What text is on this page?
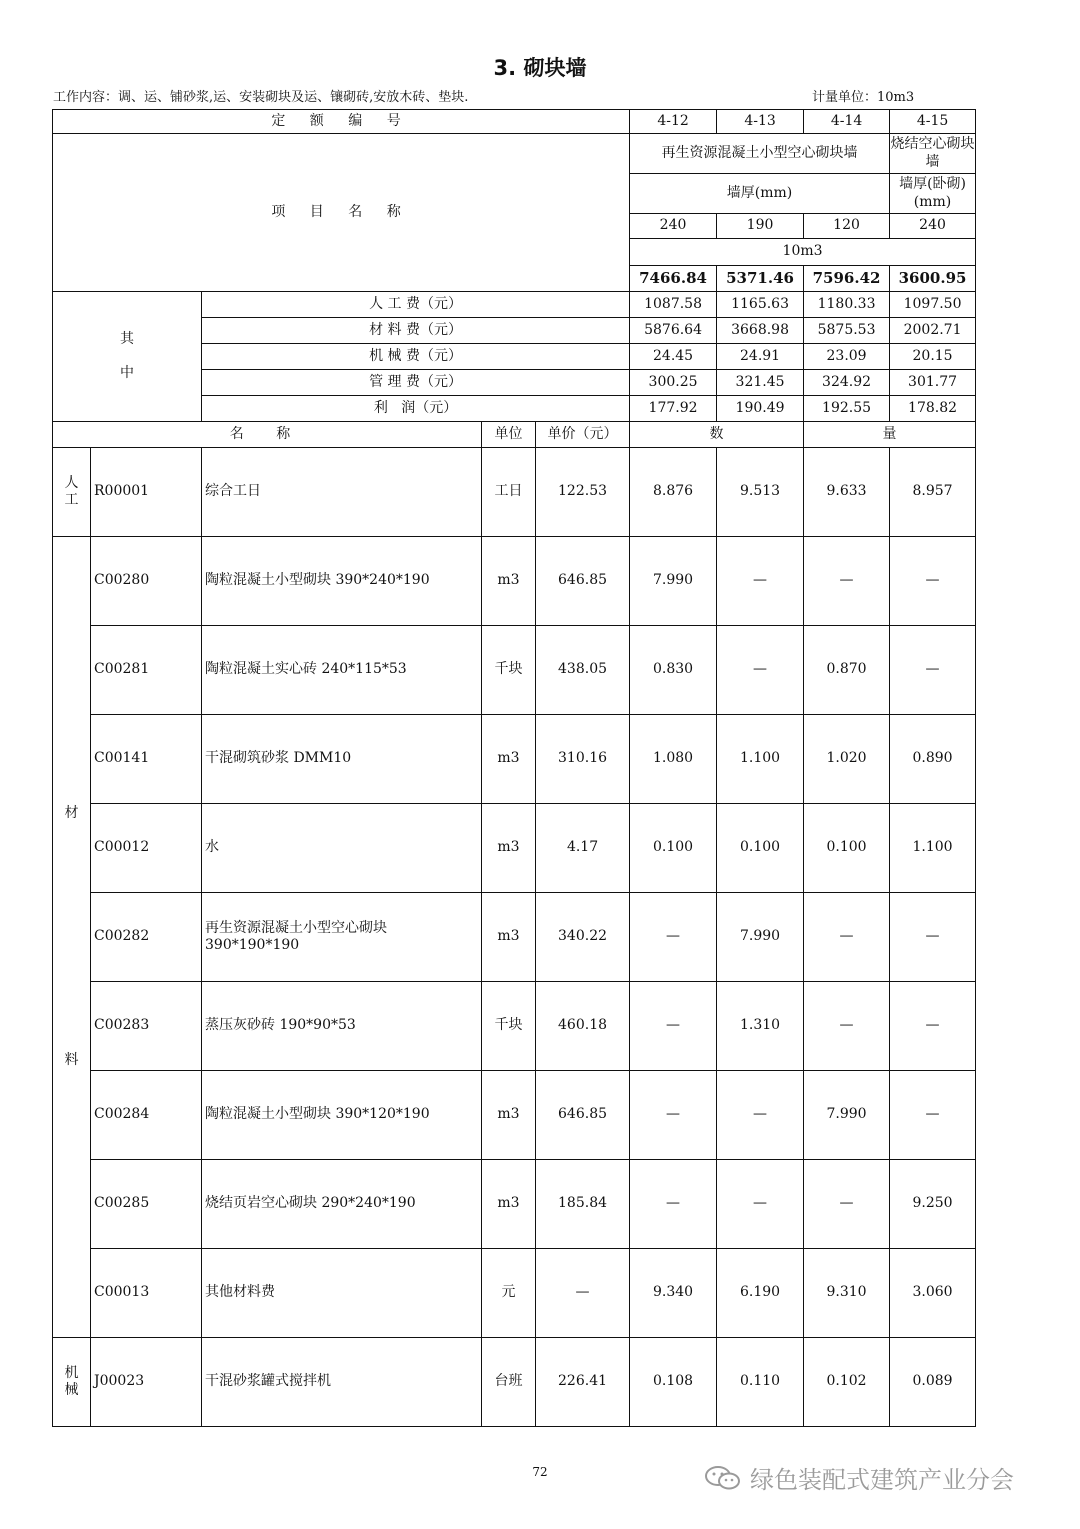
3. 砌块墙
工作内容：调、运、铺砂浆,运、安装砌块及运、镶砌砖,安放木砖、垫块.	计量单位：10m3
定 额 编 号					4-12	4-13	4-14	4-15
项 目 名 称					再生资源混凝土小型空心砌块墙			烧结空心砌块墙
					墙厚(mm)			墙厚(卧砌)(mm)
					240	190	120	240
					10m3			
					7466.84	5371.46	7596.42	3600.95

其
中		人 工 费（元）			1087.58	1165.63	1180.33	1097.50
		材 料 费（元）			5876.64	3668.98	5875.53	2002.71
		机 械 费（元）			24.45	24.91	23.09	20.15
		管 理 费（元）			300.25	321.45	324.92	301.77
		利   润（元）			177.92	190.49	192.55	178.82
名 称			单位	单价（元）	数		量	

人
工	R00001	综合工日	工日	122.53	8.876	9.513	9.633	8.957

材
料	C00280	陶粒混凝土小型砌块 390*240*190	m3	646.85	7.990	—	—	—
	C00281	陶粒混凝土实心砖 240*115*53	千块	438.05	0.830	—	0.870	—
	C00141	干混砌筑砂浆 DMM10	m3	310.16	1.080	1.100	1.020	0.890
	C00012	水	m3	4.17	0.100	0.100	0.100	1.100
	C00282	再生资源混凝土小型空心砌块
390*190*190	m3	340.22	—	7.990	—	—
	C00283	蒸压灰砂砖 190*90*53	千块	460.18	—	1.310	—	—
	C00284	陶粒混凝土小型砌块 390*120*190	m3	646.85	—	—	7.990	—
	C00285	烧结页岩空心砌块 290*240*190	m3	185.84	—	—	—	9.250
	C00013	其他材料费	元	—	9.340	6.190	9.310	3.060

机
械	J00023	干混砂浆罐式搅拌机	台班	226.41	0.108	0.110	0.102	0.089
72	绿色装配式建筑产业分会
